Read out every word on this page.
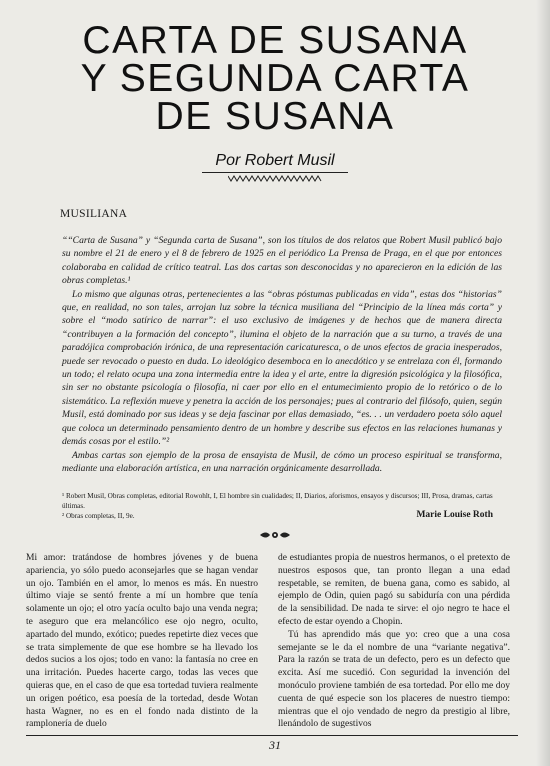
CARTA DE SUSANA
Y SEGUNDA CARTA
DE SUSANA
Por Robert Musil
MUSILIANA

““Carta de Susana” y “Segunda carta de Susana”, son los títulos de dos relatos que Robert Musil publicó bajo su nombre el 21 de enero y el 8 de febrero de 1925 en el periódico La Prensa de Praga, en el que por entonces colaboraba en calidad de crítico teatral. Las dos cartas son desconocidas y no aparecieron en la edición de las obras completas.¹

Lo mismo que algunas otras, pertenecientes a las “obras póstumas publicadas en vida”, estas dos “historias” que, en realidad, no son tales, arrojan luz sobre la técnica musiliana del “Principio de la línea más corta” y sobre el “modo satírico de narrar”: el uso exclusivo de imágenes y de hechos que de manera directa “contribuyen a la formación del concepto”, ilumina el objeto de la narración que a su turno, a través de una paradójica comprobación irónica, de una representación caricaturesca, o de unos efectos de gracia inesperados, puede ser revocado o puesto en duda. Lo ideológico desemboca en lo anecdótico y se entrelaza con él, formando un todo; el relato ocupa una zona intermedia entre la idea y el arte, entre la digresión psicológica y la filosófica, sin ser no obstante psicología o filosofía, ni caer por ello en el entumecimiento propio de lo retórico o de lo sistemático. La reflexión mueve y penetra la acción de los personajes; pues al contrario del filósofo, quien, según Musil, está dominado por sus ideas y se deja fascinar por ellas demasiado, “es. . . un verdadero poeta sólo aquel que coloca un determinado pensamiento dentro de un hombre y describe sus efectos en las relaciones humanas y demás cosas por el estilo.”²

Ambas cartas son ejemplo de la prosa de ensayista de Musil, de cómo un proceso espiritual se transforma, mediante una elaboración artística, en una narración orgánicamente desarrollada.

¹ Robert Musil, Obras completas, editorial Rowohlt, I, El hombre sin cualidades; II, Diarios, aforismos, ensayos y discursos; III, Prosa, dramas, cartas últimas.
² Obras completas, II, 9e.	Marie Louise Roth

Mi amor: tratándose de hombres jóvenes y de buena apariencia, yo sólo puedo aconsejarles que se hagan vendar un ojo. También en el amor, lo menos es más. En nuestro último viaje se sentó frente a mí un hombre que tenía solamente un ojo; el otro yacía oculto bajo una venda negra; te aseguro que era melancólico ese ojo negro, oculto, apartado del mundo, exótico; puedes repetirte diez veces que se trata simplemente de que ese hombre se ha llevado los dedos sucios a los ojos; todo en vano: la fantasía no cree en una irritación. Puedes hacerte cargo, todas las veces que quieras que, en el caso de que esa tortedad tuviera realmente un origen poético, esa poesía de la tortedad, desde Wotan hasta Wagner, no es en el fondo nada distinto de la ramplonería de duelo

de estudiantes propia de nuestros hermanos, o el pretexto de nuestros esposos que, tan pronto llegan a una edad respetable, se remiten, de buena gana, como es sabido, al ejemplo de Odin, quien pagó su sabiduría con una pérdida de la sensibilidad. De nada te sirve: el ojo negro te hace el efecto de estar oyendo a Chopin.

Tú has aprendido más que yo: creo que a una cosa semejante se le da el nombre de una “variante negativa”. Para la razón se trata de un defecto, pero es un defecto que excita. Así me sucedió. Con seguridad la invención del monóculo proviene también de esa tortedad. Por ello me doy cuenta de qué especie son los placeres de nuestro tiempo: mientras que el ojo vendado de negro da prestigio al libre, llenándolo de sugestivos

31
